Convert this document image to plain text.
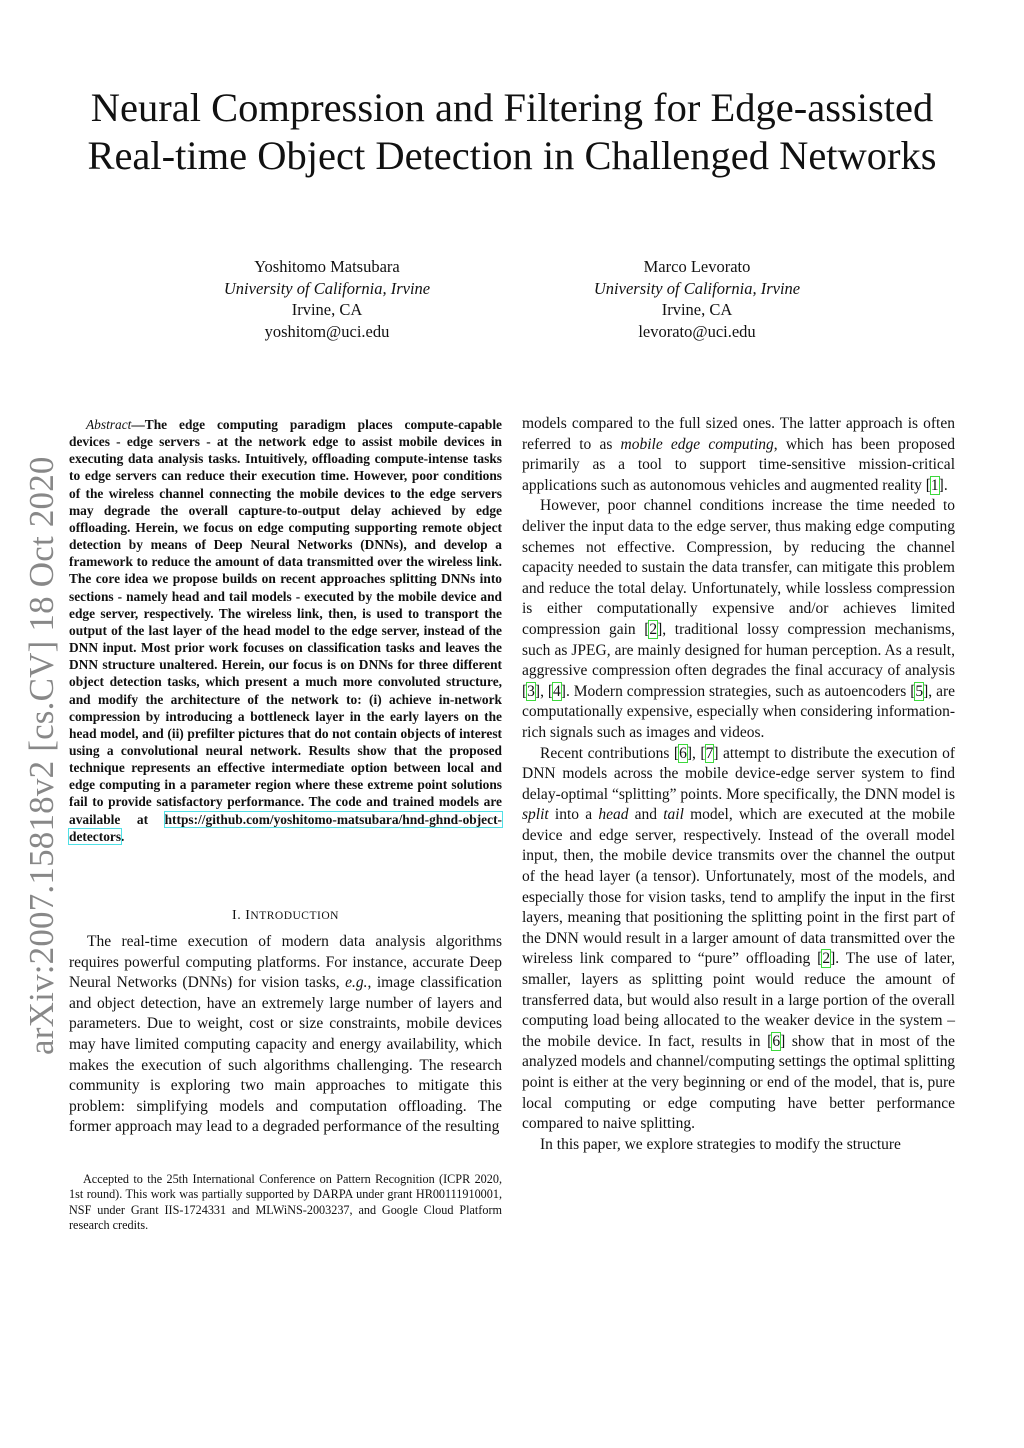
Neural Compression and Filtering for Edge-assisted
Real-time Object Detection in Challenged Networks
Yoshitomo Matsubara
University of California, Irvine
Irvine, CA
yoshitom@uci.edu
Marco Levorato
University of California, Irvine
Irvine, CA
levorato@uci.edu
arXiv:2007.15818v2 [cs.CV] 18 Oct 2020
Abstract—The edge computing paradigm places compute-capable devices - edge servers - at the network edge to assist mobile devices in executing data analysis tasks. Intuitively, offloading compute-intense tasks to edge servers can reduce their execution time. However, poor conditions of the wireless channel connecting the mobile devices to the edge servers may degrade the overall capture-to-output delay achieved by edge offloading. Herein, we focus on edge computing supporting remote object detection by means of Deep Neural Networks (DNNs), and develop a framework to reduce the amount of data transmitted over the wireless link. The core idea we propose builds on recent approaches splitting DNNs into sections - namely head and tail models - executed by the mobile device and edge server, respectively. The wireless link, then, is used to transport the output of the last layer of the head model to the edge server, instead of the DNN input. Most prior work focuses on classification tasks and leaves the DNN structure unaltered. Herein, our focus is on DNNs for three different object detection tasks, which present a much more convoluted structure, and modify the architecture of the network to: (i) achieve in-network compression by introducing a bottleneck layer in the early layers on the head model, and (ii) prefilter pictures that do not contain objects of interest using a convolutional neural network. Results show that the proposed technique represents an effective intermediate option between local and edge computing in a parameter region where these extreme point solutions fail to provide satisfactory performance. The code and trained models are available at https://github.com/yoshitomo-matsubara/hnd-ghnd-object-detectors.
I. INTRODUCTION

The real-time execution of modern data analysis algorithms requires powerful computing platforms. For instance, accurate Deep Neural Networks (DNNs) for vision tasks, e.g., image classification and object detection, have an extremely large number of layers and parameters. Due to weight, cost or size constraints, mobile devices may have limited computing capacity and energy availability, which makes the execution of such algorithms challenging. The research community is exploring two main approaches to mitigate this problem: simplifying models and computation offloading. The former approach may lead to a degraded performance of the resulting

Accepted to the 25th International Conference on Pattern Recognition (ICPR 2020, 1st round). This work was partially supported by DARPA under grant HR00111910001, NSF under Grant IIS-1724331 and MLWiNS-2003237, and Google Cloud Platform research credits.

models compared to the full sized ones. The latter approach is often referred to as mobile edge computing, which has been proposed primarily as a tool to support time-sensitive mission-critical applications such as autonomous vehicles and augmented reality [1].

However, poor channel conditions increase the time needed to deliver the input data to the edge server, thus making edge computing schemes not effective. Compression, by reducing the channel capacity needed to sustain the data transfer, can mitigate this problem and reduce the total delay. Unfortunately, while lossless compression is either computationally expensive and/or achieves limited compression gain [2], traditional lossy compression mechanisms, such as JPEG, are mainly designed for human perception. As a result, aggressive compression often degrades the final accuracy of analysis [3], [4]. Modern compression strategies, such as autoencoders [5], are computationally expensive, especially when considering information-rich signals such as images and videos.

Recent contributions [6], [7] attempt to distribute the execution of DNN models across the mobile device-edge server system to find delay-optimal “splitting” points. More specifically, the DNN model is split into a head and tail model, which are executed at the mobile device and edge server, respectively. Instead of the overall model input, then, the mobile device transmits over the channel the output of the head layer (a tensor). Unfortunately, most of the models, and especially those for vision tasks, tend to amplify the input in the first layers, meaning that positioning the splitting point in the first part of the DNN would result in a larger amount of data transmitted over the wireless link compared to “pure” offloading [2]. The use of later, smaller, layers as splitting point would reduce the amount of transferred data, but would also result in a large portion of the overall computing load being allocated to the weaker device in the system – the mobile device. In fact, results in [6] show that in most of the analyzed models and channel/computing settings the optimal splitting point is either at the very beginning or end of the model, that is, pure local computing or edge computing have better performance compared to naive splitting.

In this paper, we explore strategies to modify the structure
